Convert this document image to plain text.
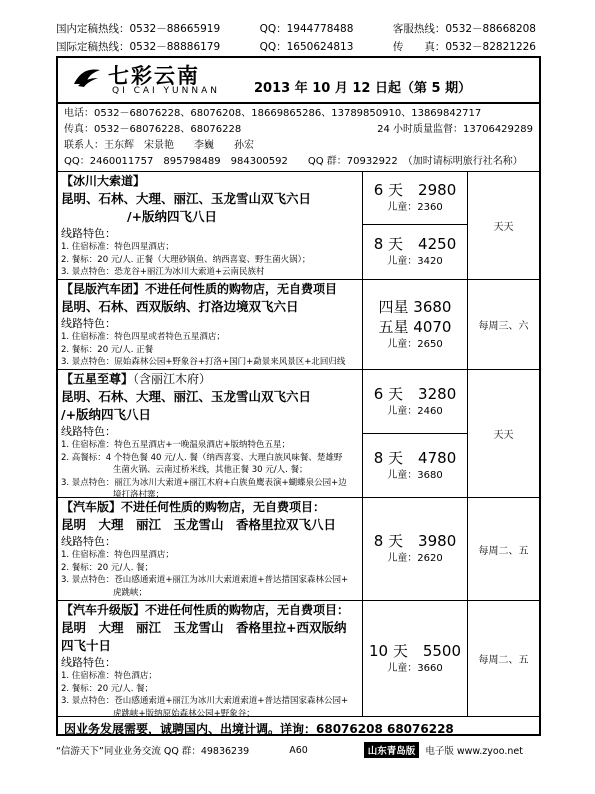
国内定稿热线：0532－88665919	QQ：1944778488	客服热线：0532－88668208
国际定稿热线：0532－88886179	QQ：1650624813	传　　真：0532－82821226
七彩云南
QI CAI YUNNAN	2013 年 10 月 12 日起（第 5 期）
电话：0532－68076228、68076208、18669865286、13789850910、13869842717
传真：0532－68076228、68076228	24 小时质量监督：13706429289
联系人：王东辉　宋景艳　　李巍　　孙宏
QQ：2460011757　895798489　984300592　　QQ 群：70932922　（加时请标明旅行社名称）
【冰川大索道】
昆明、石林、大理、丽江、玉龙雪山双飞六日
/+版纳四飞八日
线路特色：
1. 住宿标准：特色四星酒店；
2. 餐标：20 元/人. 正餐（大理砂锅鱼、纳西喜宴、野生菌火锅）；
3. 景点特色：恐龙谷+丽江为冰川大索道+云南民族村
6 天　2980
儿童：2360
8 天　4250
儿童：3420
天天
【昆版汽车团】不进任何性质的购物店，无自费项目
昆明、石林、西双版纳、打洛边境双飞六日
线路特色：
1. 住宿标准：特色四星或者特色五星酒店；
2. 餐标：20 元/人. 正餐
3. 景点特色：原始森林公园+野象谷+打洛+国门+勐景来风景区+北回归线
四星 3680
五星 4070
儿童：2650
每周三、六
【五星至尊】（含丽江木府）
昆明、石林、大理、丽江、玉龙雪山双飞六日
/+版纳四飞八日
线路特色：
1. 住宿标准：特色五星酒店+一晚温泉酒店+版纳特色五星；
2. 高餐标：4 个特色餐 40 元/人. 餐（纳西喜宴、大理白族风味餐、楚雄野
生菌火锅、云南过桥米线，其他正餐 30 元/人. 餐；
3. 景点特色：丽江为冰川大索道+丽江木府+白族鱼鹰表演+蝴蝶泉公园+边
境打洛村寨；
6 天　3280
儿童：2460
8 天　4780
儿童：3680
天天
【汽车版】不进任何性质的购物店，无自费项目：
昆明　大理　丽江　玉龙雪山　香格里拉双飞八日
线路特色：
1. 住宿标准：特色四星酒店；
2. 餐标：20 元/人. 餐；
3. 景点特色：苍山感通索道+丽江为冰川大索道索道+普达措国家森林公园+
虎跳峡；
8 天　3980
儿童：2620
每周二、五
【汽车升级版】不进任何性质的购物店，无自费项目：
昆明　大理　丽江　玉龙雪山　香格里拉+西双版纳
四飞十日
线路特色：
1. 住宿标准：特色酒店；
2. 餐标：20 元/人. 餐；
3. 景点特色：苍山感通索道+丽江为冰川大索道索道+普达措国家森林公园+
虎跳峡+版纳原始森林公园+野象谷；
10 天　5500
儿童：3660
每周二、五
因业务发展需要，诚聘国内、出境计调。详询：68076208 68076228
“信游天下”同业业务交流 QQ 群：49836239	A60	山东青岛版	电子版 www.zyoo.net
